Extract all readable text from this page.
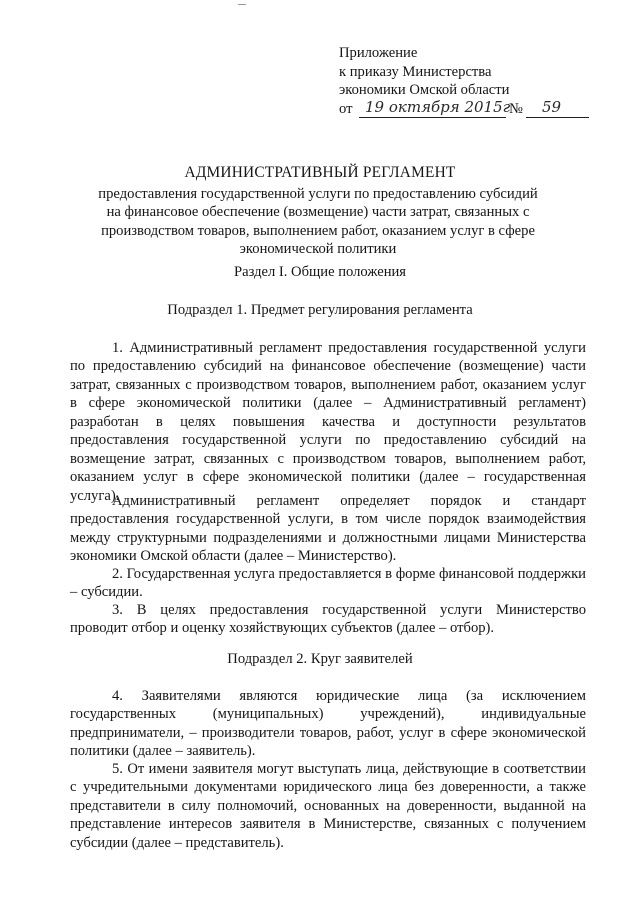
Приложение
к приказу Министерства
экономики Омской области
от 19 октября 2015г
№ 59
АДМИНИСТРАТИВНЫЙ РЕГЛАМЕНТ
предоставления государственной услуги по предоставлению субсидий на финансовое обеспечение (возмещение) части затрат, связанных с производством товаров, выполнением работ, оказанием услуг в сфере экономической политики
Раздел I. Общие положения
Подраздел 1. Предмет регулирования регламента
1. Административный регламент предоставления государственной услуги по предоставлению субсидий на финансовое обеспечение (возмещение) части затрат, связанных с производством товаров, выполнением работ, оказанием услуг в сфере экономической политики (далее – Административный регламент) разработан в целях повышения качества и доступности результатов предоставления государственной услуги по предоставлению субсидий на возмещение затрат, связанных с производством товаров, выполнением работ, оказанием услуг в сфере экономической политики (далее – государственная услуга).
Административный регламент определяет порядок и стандарт предоставления государственной услуги, в том числе порядок взаимодействия между структурными подразделениями и должностными лицами Министерства экономики Омской области (далее – Министерство).
2. Государственная услуга предоставляется в форме финансовой поддержки – субсидии.
3. В целях предоставления государственной услуги Министерство проводит отбор и оценку хозяйствующих субъектов (далее – отбор).
Подраздел 2. Круг заявителей
4. Заявителями являются юридические лица (за исключением государственных (муниципальных) учреждений), индивидуальные предприниматели, – производители товаров, работ, услуг в сфере экономической политики (далее – заявитель).
5. От имени заявителя могут выступать лица, действующие в соответствии с учредительными документами юридического лица без доверенности, а также представители в силу полномочий, основанных на доверенности, выданной на представление интересов заявителя в Министерстве, связанных с получением субсидии (далее – представитель).
